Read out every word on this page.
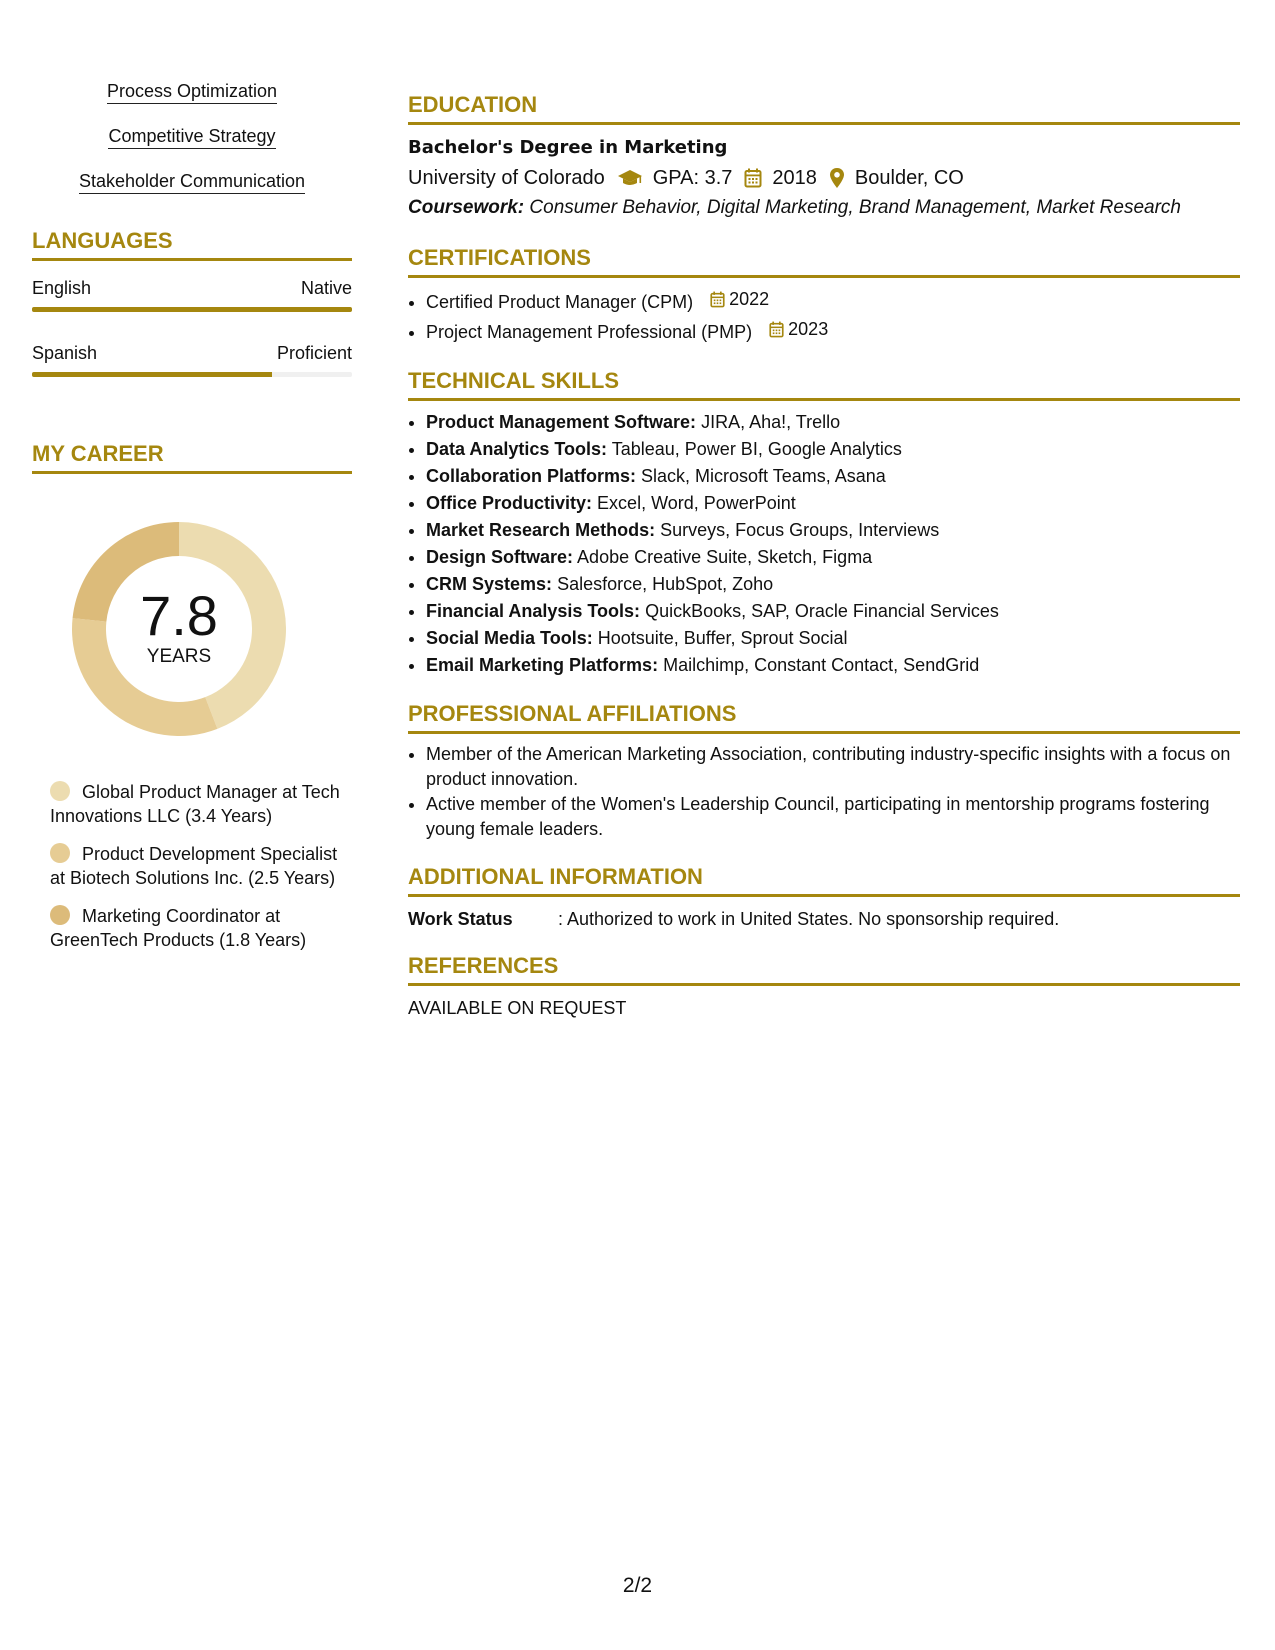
Process Optimization
Competitive Strategy
Stakeholder Communication
LANGUAGES
English	Native
Spanish	Proficient
MY CAREER
7.8
YEARS
Global Product Manager at Tech Innovations LLC (3.4 Years)
Product Development Specialist at Biotech Solutions Inc. (2.5 Years)
Marketing Coordinator at GreenTech Products (1.8 Years)
EDUCATION
Bachelor's Degree in Marketing
University of Colorado GPA: 3.7 2018 Boulder, CO
Coursework: Consumer Behavior, Digital Marketing, Brand Management, Market Research
CERTIFICATIONS
• Certified Product Manager (CPM) 2022
• Project Management Professional (PMP) 2023
TECHNICAL SKILLS
• Product Management Software: JIRA, Aha!, Trello
• Data Analytics Tools: Tableau, Power BI, Google Analytics
• Collaboration Platforms: Slack, Microsoft Teams, Asana
• Office Productivity: Excel, Word, PowerPoint
• Market Research Methods: Surveys, Focus Groups, Interviews
• Design Software: Adobe Creative Suite, Sketch, Figma
• CRM Systems: Salesforce, HubSpot, Zoho
• Financial Analysis Tools: QuickBooks, SAP, Oracle Financial Services
• Social Media Tools: Hootsuite, Buffer, Sprout Social
• Email Marketing Platforms: Mailchimp, Constant Contact, SendGrid
PROFESSIONAL AFFILIATIONS
• Member of the American Marketing Association, contributing industry-specific insights with a focus on product innovation.
• Active member of the Women's Leadership Council, participating in mentorship programs fostering young female leaders.
ADDITIONAL INFORMATION
Work Status	: Authorized to work in United States. No sponsorship required.
REFERENCES
AVAILABLE ON REQUEST
2/2
